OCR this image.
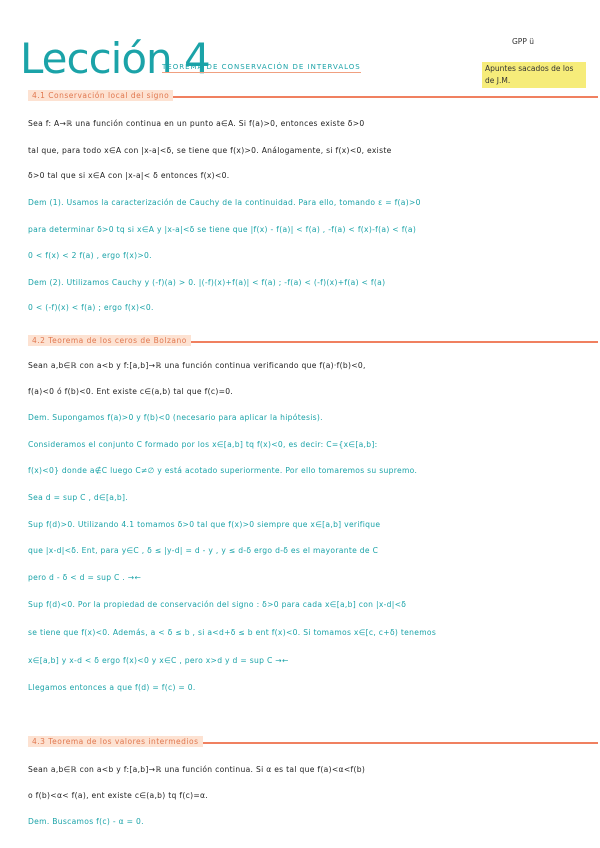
Lección 4
TEOREMA DE CONSERVACIÓN DE INTERVALOS
GPP ü
Apuntes sacados de los de J.M.
4.1 Conservación local del signo
Sea f: A→ℝ una función continua en un punto a∈A. Si f(a)>0, entonces existe δ>0
tal que, para todo x∈A con |x-a|<δ, se tiene que f(x)>0. Análogamente, si f(x)<0, existe
δ>0 tal que si x∈A con |x-a|< δ entonces f(x)<0.
Dem (1). Usamos la caracterización de Cauchy de la continuidad. Para ello, tomando ε = f(a)>0
para determinar δ>0 tq si x∈A y |x-a|<δ se tiene que |f(x) - f(a)| < f(a) , -f(a) < f(x)-f(a) < f(a)
0 < f(x) < 2 f(a) , ergo f(x)>0.
Dem (2). Utilizamos Cauchy y (-f)(a) > 0. |(-f)(x)+f(a)| < f(a) ; -f(a) < (-f)(x)+f(a) < f(a)
0 < (-f)(x) < f(a) ; ergo f(x)<0.
4.2 Teorema de los ceros de Bolzano
Sean a,b∈ℝ con a<b y f:[a,b]→ℝ una función continua verificando que f(a)·f(b)<0,
f(a)<0 ó f(b)<0. Ent existe c∈(a,b) tal que f(c)=0.
Dem. Supongamos f(a)>0 y f(b)<0 (necesario para aplicar la hipótesis).
Consideramos el conjunto C formado por los x∈[a,b] tq f(x)<0, es decir: C={x∈[a,b]:
f(x)<0} donde a∉C luego C≠∅ y está acotado superiormente. Por ello tomaremos su supremo.
Sea d = sup C , d∈[a,b].
Sup f(d)>0. Utilizando 4.1 tomamos δ>0 tal que f(x)>0 siempre que x∈[a,b] verifique
que |x-d|<δ. Ent, para y∈C , δ ≤ |y-d| = d - y , y ≤ d-δ ergo d-δ es el mayorante de C
pero d - δ < d = sup C . →←
Sup f(d)<0. Por la propiedad de conservación del signo : δ>0 para cada x∈[a,b] con |x-d|<δ
se tiene que f(x)<0. Además, a < δ ≤ b , si a<d+δ ≤ b ent f(x)<0. Si tomamos x∈[c, c+δ) tenemos
x∈[a,b] y x-d < δ ergo f(x)<0 y x∈C , pero x>d y d = sup C →←
Llegamos entonces a que f(d) = f(c) = 0.
4.3 Teorema de los valores intermedios
Sean a,b∈ℝ con a<b y f:[a,b]→ℝ una función continua. Si α es tal que f(a)<α<f(b)
o f(b)<α< f(a), ent existe c∈(a,b) tq f(c)=α.
Dem. Buscamos f(c) - α = 0.
